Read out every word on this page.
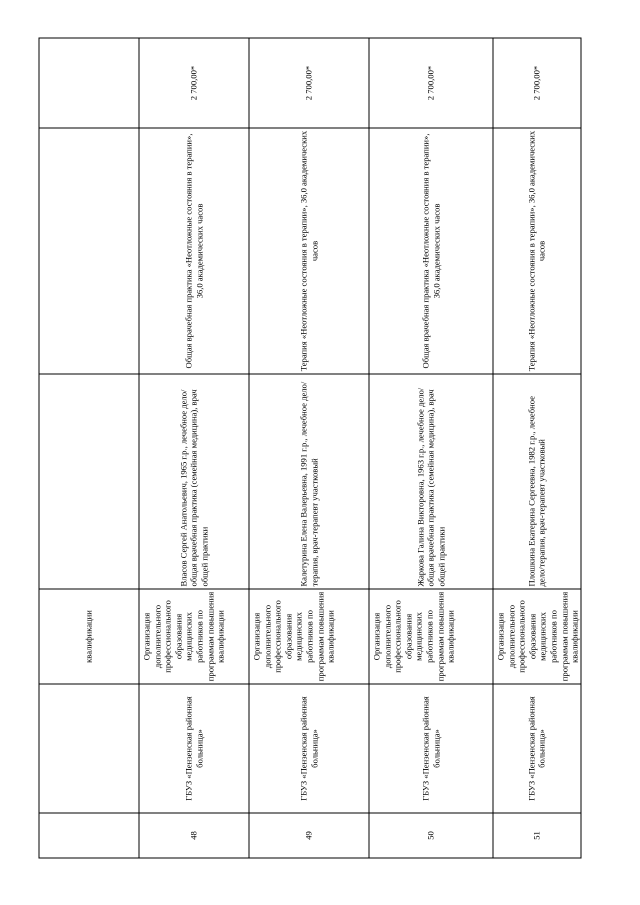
		квалификации			
48	ГБУЗ «Пензенская районная больница»	Организация дополнительного профессионального образования медицинских работников по программам повышения квалификации	Власов Сергей Анатольевич, 1965 г.р., лечебное дело/общая врачебная практика (семейная медицина), врач общей практики	Общая врачебная практика «Неотложные состояния в терапии», 36,0 академических часов	2 700,00*
49	ГБУЗ «Пензенская районная больница»	Организация дополнительного профессионального образования медицинских работников по программам повышения квалификации	Калетурина Елена Валерьевна, 1991 г.р., лечебное дело/терапия, врач-терапевт участковый	Терапия «Неотложные состояния в терапии», 36,0 академических часов	2 700,00*
50	ГБУЗ «Пензенская районная больница»	Организация дополнительного профессионального образования медицинских работников по программам повышения квалификации	Жаркова Галина Викторовна, 1963 г.р., лечебное дело/общая врачебная практика (семейная медицина), врач общей практики	Общая врачебная практика «Неотложные состояния в терапии», 36,0 академических часов	2 700,00*
51	ГБУЗ «Пензенская районная больница»	Организация дополнительного профессионального образования медицинских работников по программам повышения квалификации	Плошкина Екатерина Сергеевна, 1982 г.р., лечебное дело/терапия, врач-терапевт участковый	Терапия «Неотложные состояния в терапии», 36,0 академических часов	2 700,00*
